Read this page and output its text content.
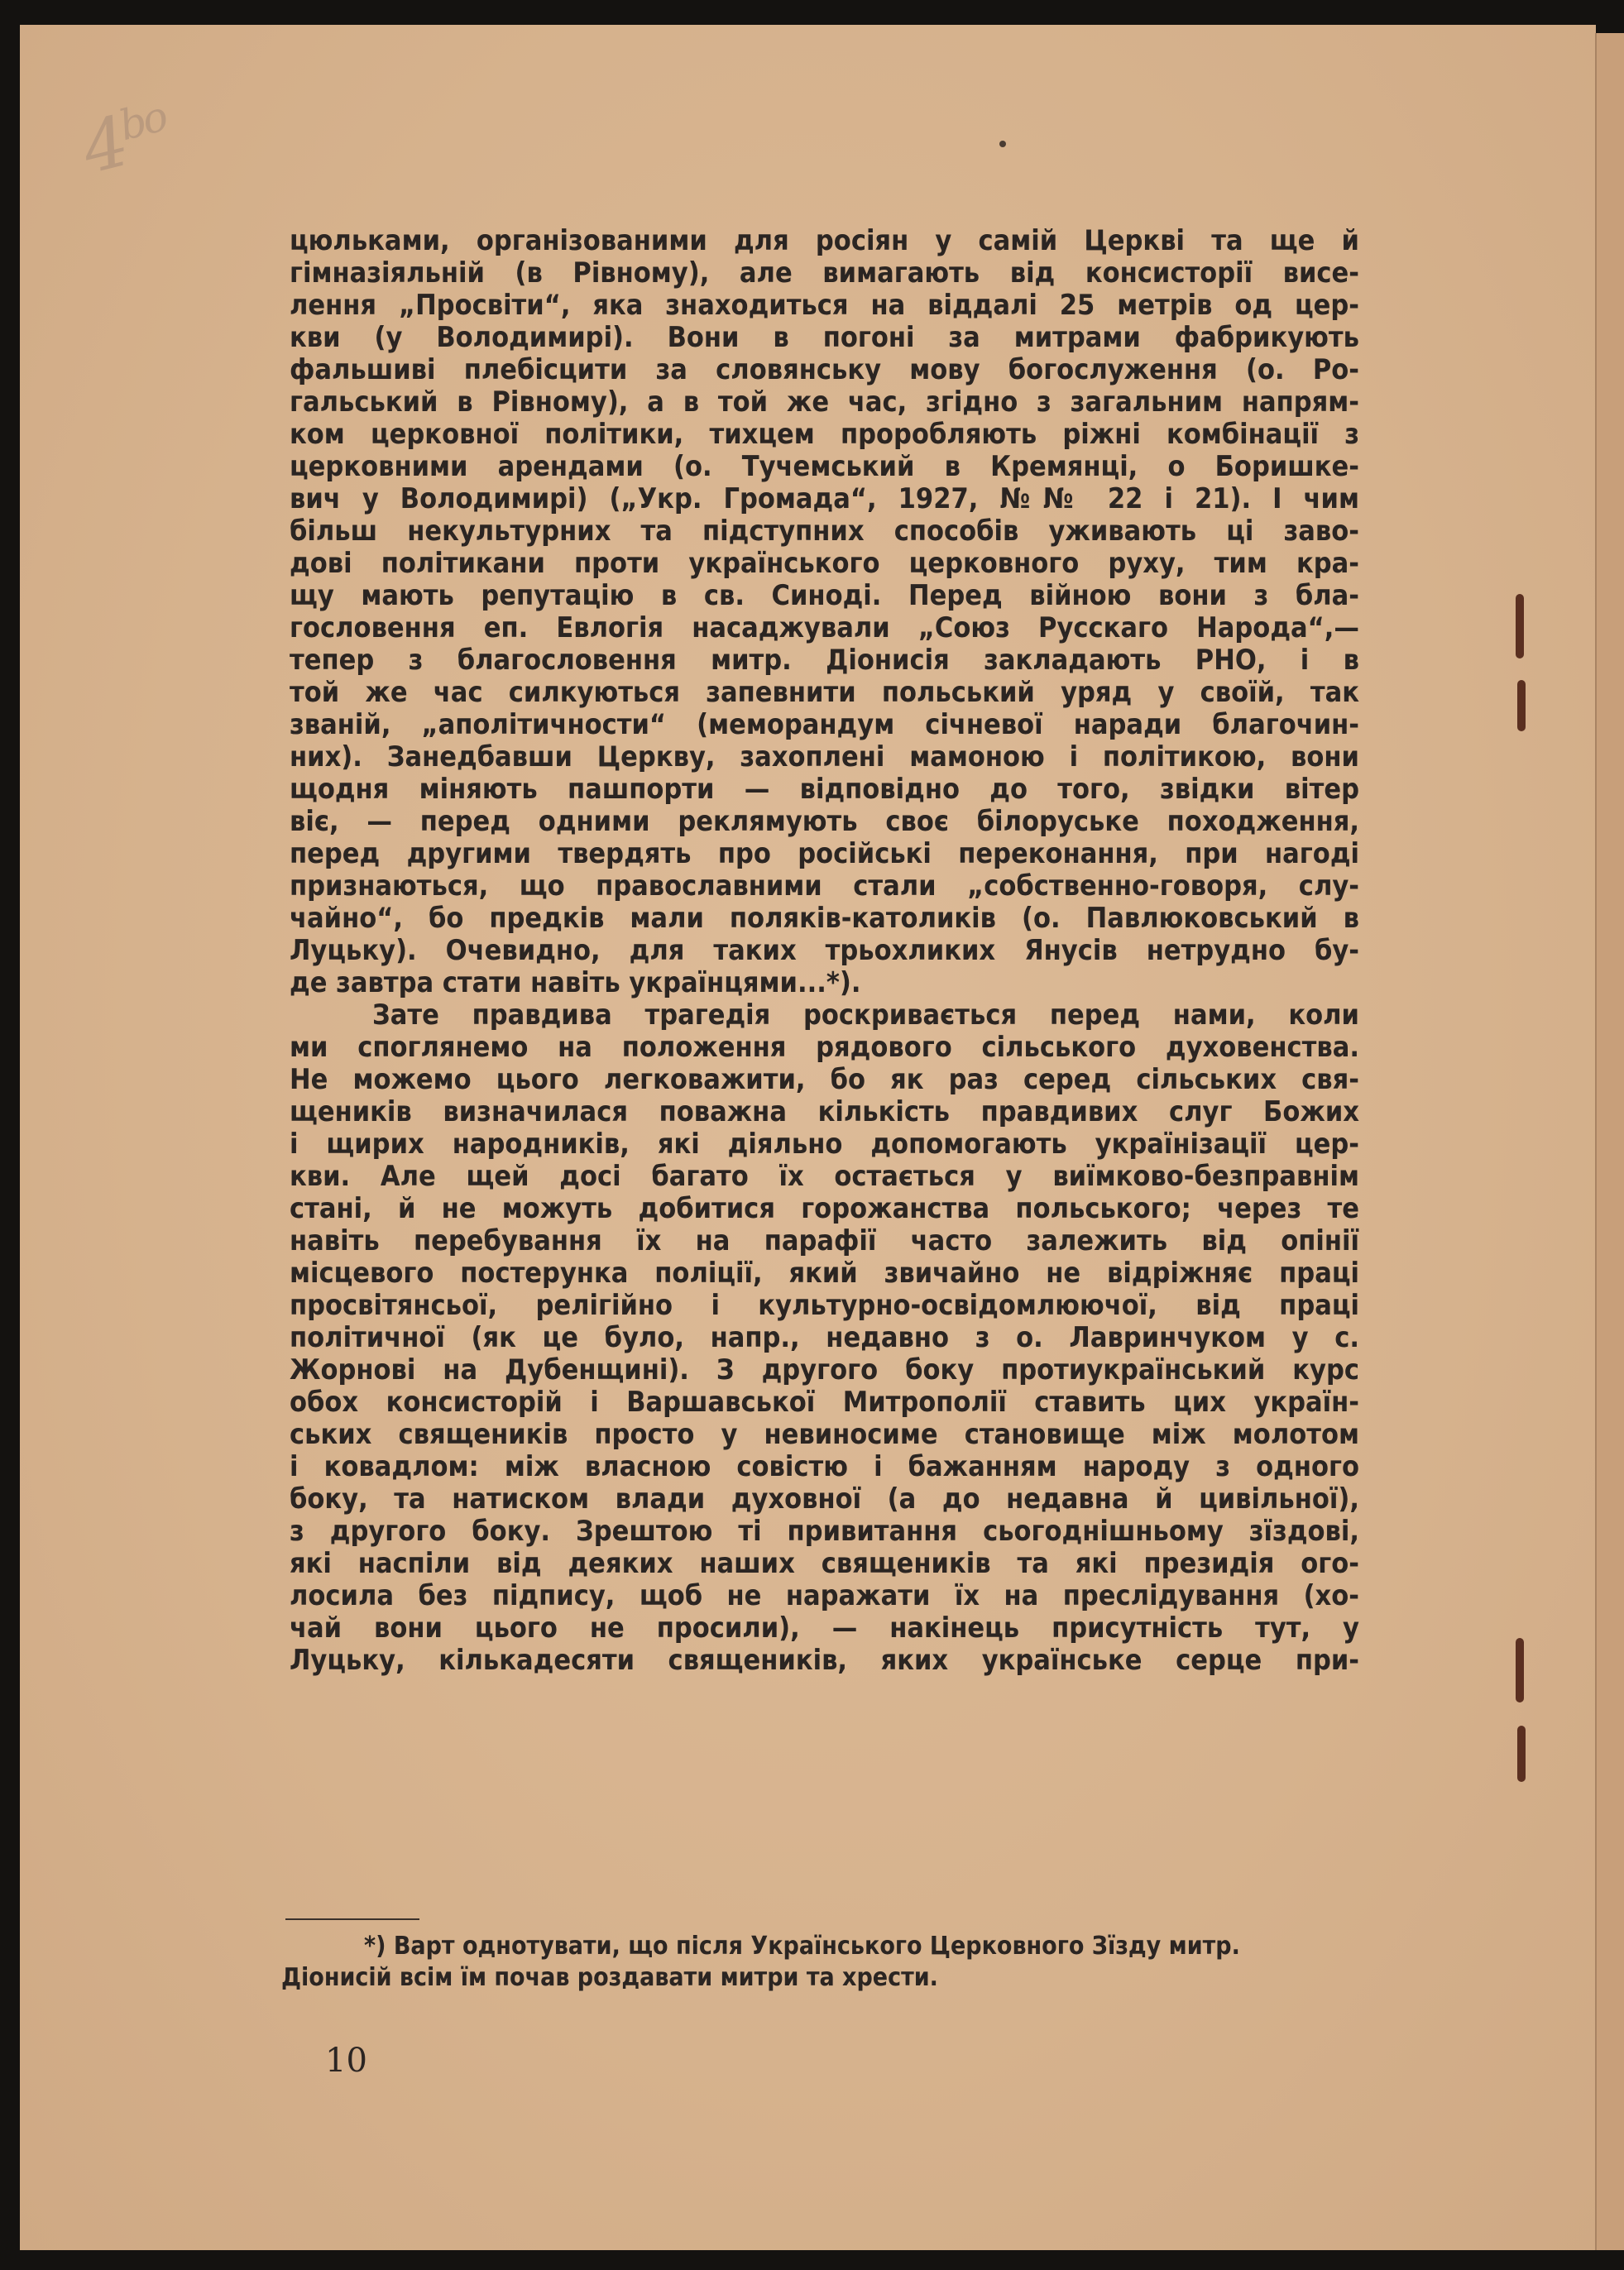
$4^{bo}$
цюльками, організованими для росіян у самій Церкві та ще й
гімназіяльній (в Рівному), але вимагають від консисторії висе-
лення „Просвіти“, яка знаходиться на віддалі 25 метрів од цер-
кви (у Володимирі). Вони в погоні за митрами фабрикують
фальшиві плебісцити за словянську мову богослуження (о. Ро-
гальський в Рівному), а в той же час, згідно з загальним напрям-
ком церковної політики, тихцем проробляють ріжні комбінації з
церковними арендами (о. Тучемський в Кремянці, о Боришке-
вич у Володимирі) („Укр. Громада“, 1927, №№ 22 і 21). І чим
більш некультурних та підступних способів уживають ці заво-
дові політикани проти українського церковного руху, тим кра-
щу мають репутацію в св. Синоді. Перед війною вони з бла-
гословення еп. Евлогія насаджували „Союз Русскаго Народа“,—
тепер з благословення митр. Діонисія закладають РНО, і в
той же час силкуються запевнити польський уряд у своїй, так
званій, „аполітичности“ (меморандум січневої наради благочин-
них). Занедбавши Церкву, захоплені мамоною і політикою, вони
щодня міняють пашпорти — відповідно до того, звідки вітер
віє, — перед одними реклямують своє білоруське походження,
перед другими твердять про російські переконання, при нагоді
признаються, що православними стали „собственно-говоря, слу-
чайно“, бо предків мали поляків-католиків (о. Павлюковський в
Луцьку). Очевидно, для таких трьохликих Янусів нетрудно бу-
де завтра стати навіть українцями...*).
Зате правдива трагедія роскривається перед нами, коли
ми споглянемо на положення рядового сільського духовенства.
Не можемо цього легковажити, бо як раз серед сільських свя-
щеників визначилася поважна кількість правдивих слуг Божих
і щирих народників, які діяльно допомогають українізації цер-
кви. Але щей досі багато їх остається у виїмково-безправнім
стані, й не можуть добитися горожанства польського; через те
навіть перебування їх на парафії часто залежить від опінії
місцевого постерунка поліції, який звичайно не відріжняє праці
просвітянсьої, релігійно і культурно-освідомлюючої, від праці
політичної (як це було, напр., недавно з о. Лавринчуком у с.
Жорнові на Дубенщині). З другого боку протиукраїнський курс
обох консисторій і Варшавської Митрополії ставить цих україн-
ських священиків просто у невиносиме становище між молотом
і ковадлом: між власною совістю і бажанням народу з одного
боку, та натиском влади духовної (а до недавна й цивільної),
з другого боку. Зрештою ті привитання сьогоднішньому зїздові,
які наспіли від деяких наших священиків та які президія ого-
лосила без підпису, щоб не наражати їх на преслідування (хо-
чай вони цього не просили), — накінець присутність тут, у
Луцьку, кількадесяти священиків, яких українське серце при-
*) Варт однотувати, що після Українського Церковного Зїзду митр.
Діонисій всім їм почав роздавати митри та хрести.
10
